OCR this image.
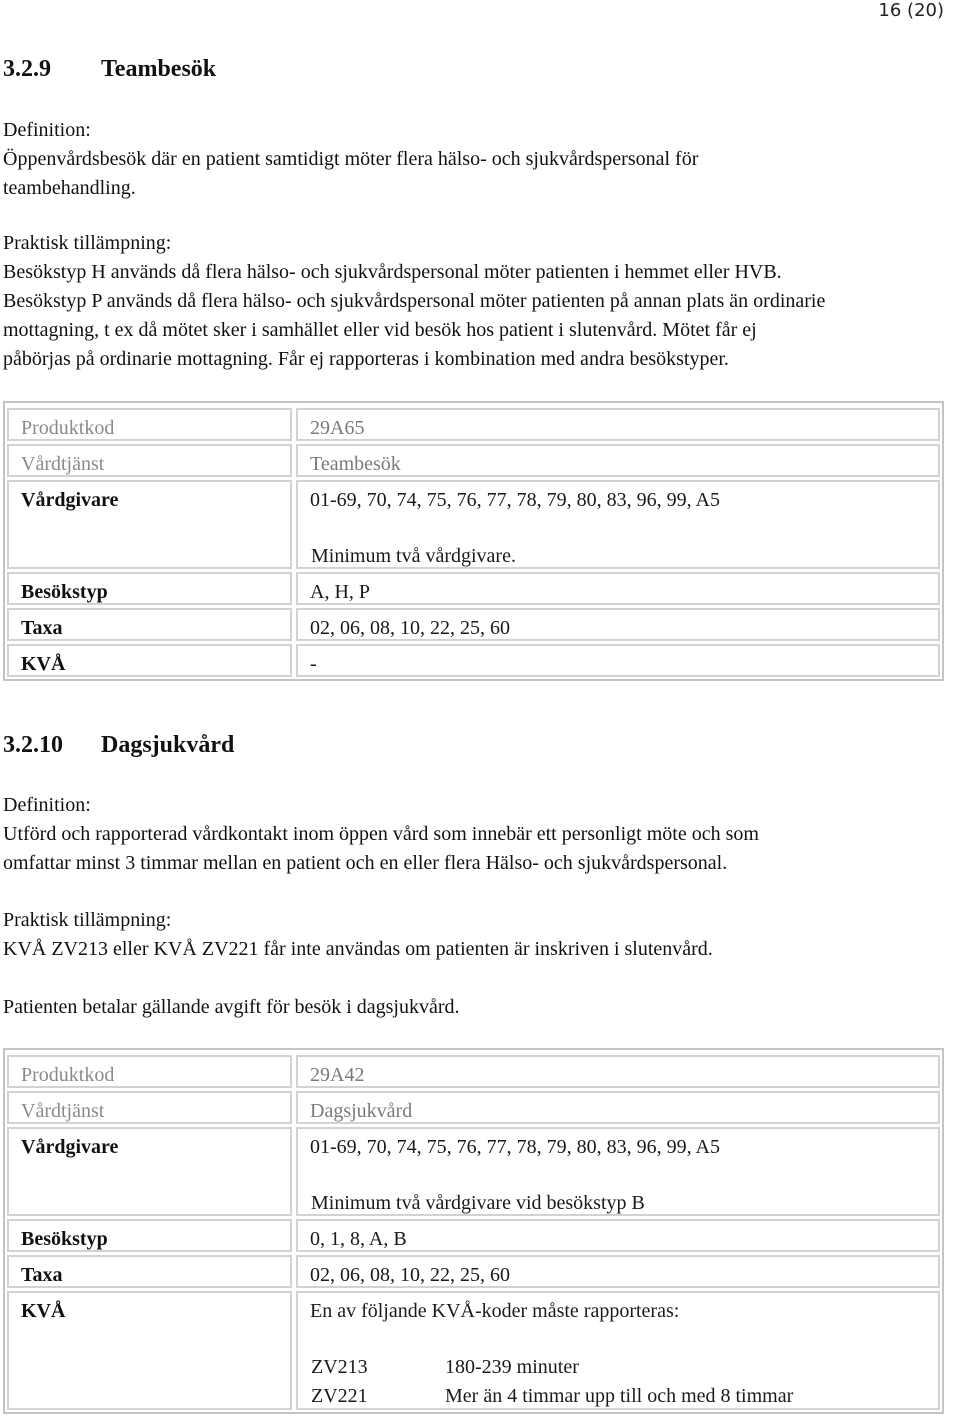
16 (20)
3.2.9 Teambesök
Definition:
Öppenvårdsbesök där en patient samtidigt möter flera hälso- och sjukvårdspersonal för
teambehandling.
Praktisk tillämpning:
Besökstyp H används då flera hälso- och sjukvårdspersonal möter patienten i hemmet eller HVB.
Besökstyp P används då flera hälso- och sjukvårdspersonal möter patienten på annan plats än ordinarie
mottagning, t ex då mötet sker i samhället eller vid besök hos patient i slutenvård. Mötet får ej
påbörjas på ordinarie mottagning. Får ej rapporteras i kombination med andra besökstyper.
Produktkod	29A65
Vårdtjänst	Teambesök
Vårdgivare	01-69, 70, 74, 75, 76, 77, 78, 79, 80, 83, 96, 99, A5
Minimum två vårdgivare.
Besökstyp	A, H, P
Taxa	02, 06, 08, 10, 22, 25, 60
KVÅ	-
3.2.10 Dagsjukvård
Definition:
Utförd och rapporterad vårdkontakt inom öppen vård som innebär ett personligt möte och som
omfattar minst 3 timmar mellan en patient och en eller flera Hälso- och sjukvårdspersonal.
Praktisk tillämpning:
KVÅ ZV213 eller KVÅ ZV221 får inte användas om patienten är inskriven i slutenvård.
Patienten betalar gällande avgift för besök i dagsjukvård.
Produktkod	29A42
Vårdtjänst	Dagsjukvård
Vårdgivare	01-69, 70, 74, 75, 76, 77, 78, 79, 80, 83, 96, 99, A5
Minimum två vårdgivare vid besökstyp B
Besökstyp	0, 1, 8, A, B
Taxa	02, 06, 08, 10, 22, 25, 60
KVÅ	En av följande KVÅ-koder måste rapporteras:
ZV213	180-239 minuter
ZV221	Mer än 4 timmar upp till och med 8 timmar
